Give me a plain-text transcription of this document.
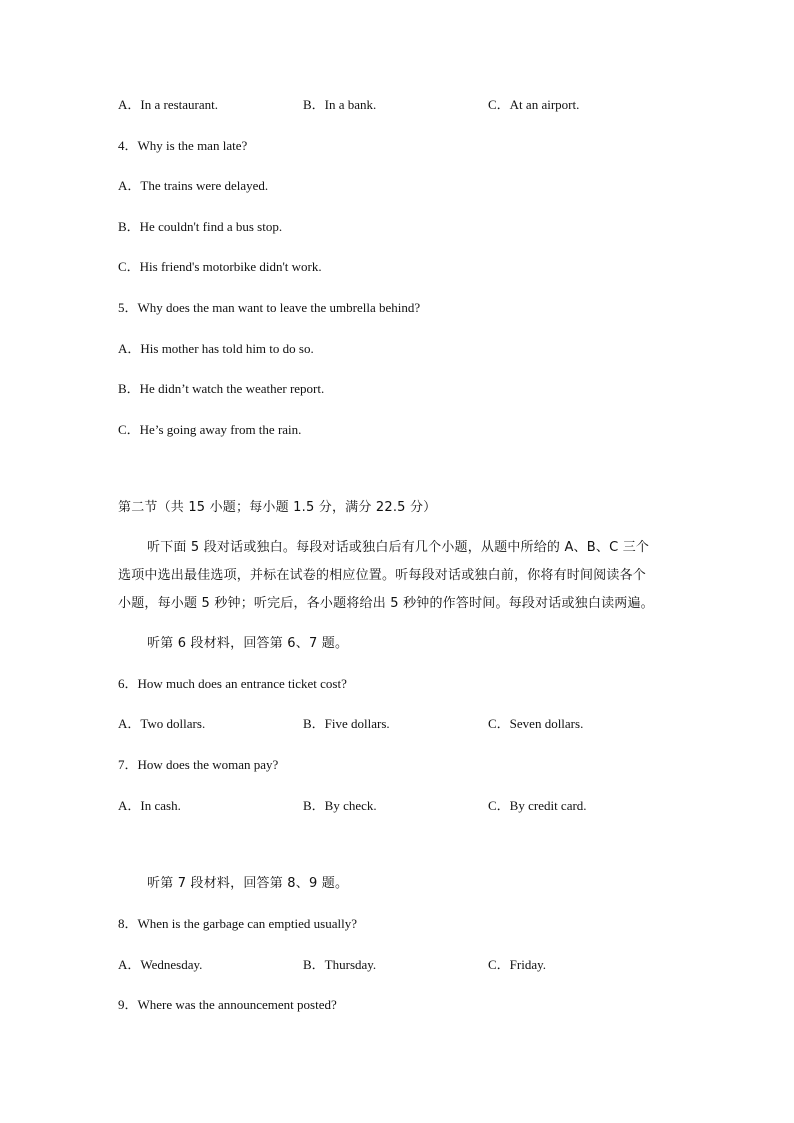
A．In a restaurant.	B．In a bank.	C．At an airport.
4．Why is the man late?
A．The trains were delayed.
B．He couldn't find a bus stop.
C．His friend's motorbike didn't work.
5．Why does the man want to leave the umbrella behind?
A．His mother has told him to do so.
B．He didn’t watch the weather report.
C．He’s going away from the rain.
第二节（共 15 小题；每小题 1.5 分，满分 22.5 分）
听下面 5 段对话或独白。每段对话或独白后有几个小题，从题中所给的 A、B、C 三个
选项中选出最佳选项，并标在试卷的相应位置。听每段对话或独白前，你将有时间阅读各个
小题，每小题 5 秒钟；听完后，各小题将给出 5 秒钟的作答时间。每段对话或独白读两遍。
听第 6 段材料，回答第 6、7 题。
6．How much does an entrance ticket cost?
A．Two dollars.	B．Five dollars.	C．Seven dollars.
7．How does the woman pay?
A．In cash.	B．By check.	C．By credit card.
听第 7 段材料，回答第 8、9 题。
8．When is the garbage can emptied usually?
A．Wednesday.	B．Thursday.	C．Friday.
9．Where was the announcement posted?
